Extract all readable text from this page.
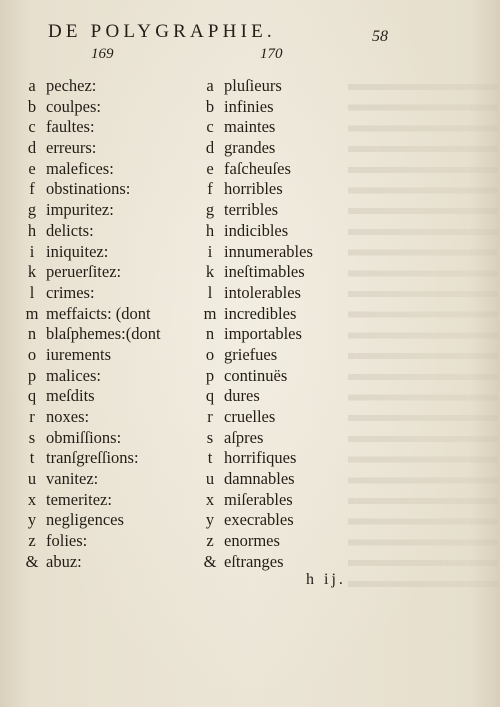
DE POLYGRAPHIE.	58
169	170
a pechez:
b coulpes:
c faultes:
d erreurs:
e malefices:
f obstinations:
g impuritez:
h delicts:
i iniquitez:
k peruerſitez:
l crimes:
m meffaicts: (dont
n blaſphemes:(dont
o iurements
p malices:
q meſdits
r noxes:
s obmiſſions:
t tranſgreſſions:
u vanitez:
x temeritez:
y negligences
z folies:
& abuz:
a pluſieurs
b infinies
c maintes
d grandes
e faſcheuſes
f horribles
g terribles
h indicibles
i innumerables
k ineſtimables
l intolerables
m incredibles
n importables
o griefues
p continuës
q dures
r cruelles
s aſpres
t horrifiques
u damnables
x miſerables
y execrables
z enormes
& eſtranges
h ij.
